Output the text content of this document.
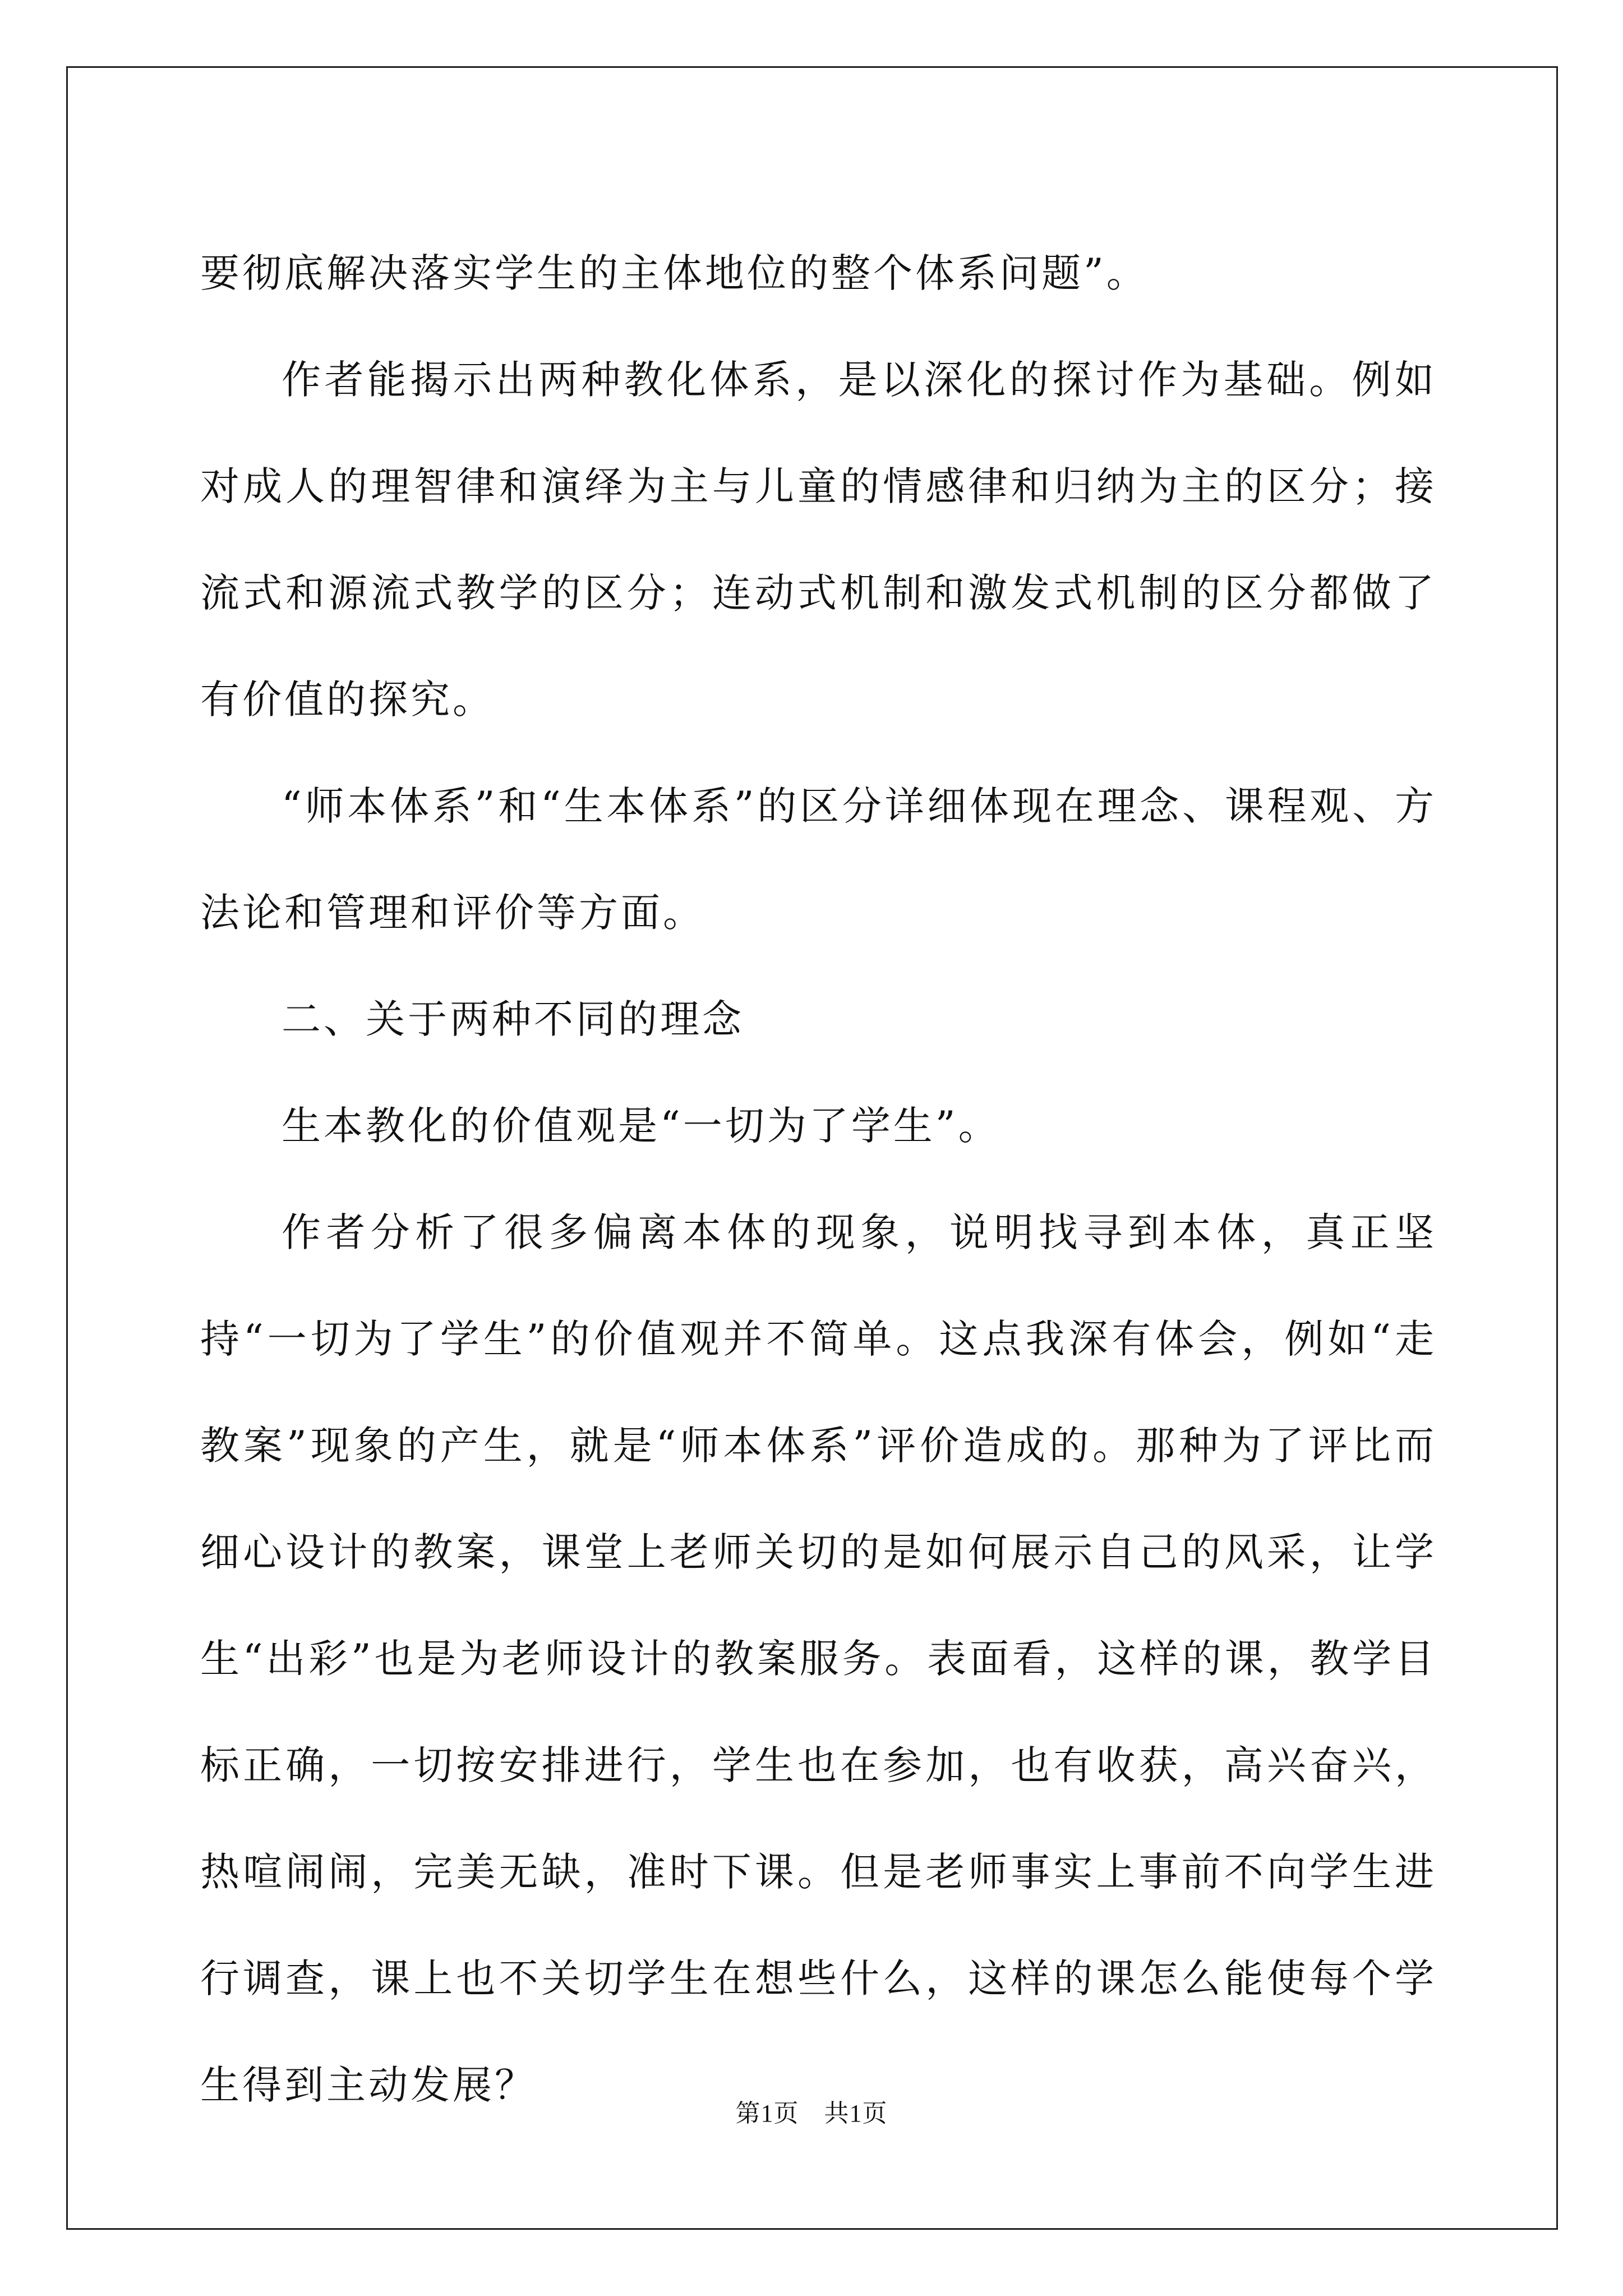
要彻底解决落实学生的主体地位的整个体系问题”。

作者能揭示出两种教化体系，是以深化的探讨作为基础。例如对成人的理智律和演绎为主与儿童的情感律和归纳为主的区分；接流式和源流式教学的区分；连动式机制和激发式机制的区分都做了有价值的探究。

“师本体系”和“生本体系”的区分详细体现在理念、课程观、方法论和管理和评价等方面。

二、关于两种不同的理念

生本教化的价值观是“一切为了学生”。

作者分析了很多偏离本体的现象，说明找寻到本体，真正坚持“一切为了学生”的价值观并不简单。这点我深有体会，例如“走教案”现象的产生，就是“师本体系”评价造成的。那种为了评比而细心设计的教案，课堂上老师关切的是如何展示自己的风采，让学生“出彩”也是为老师设计的教案服务。表面看，这样的课，教学目标正确，一切按安排进行，学生也在参加，也有收获，高兴奋兴，热喧闹闹，完美无缺，准时下课。但是老师事实上事前不向学生进行调查，课上也不关切学生在想些什么，这样的课怎么能使每个学生得到主动发展？

第1页　共1页
